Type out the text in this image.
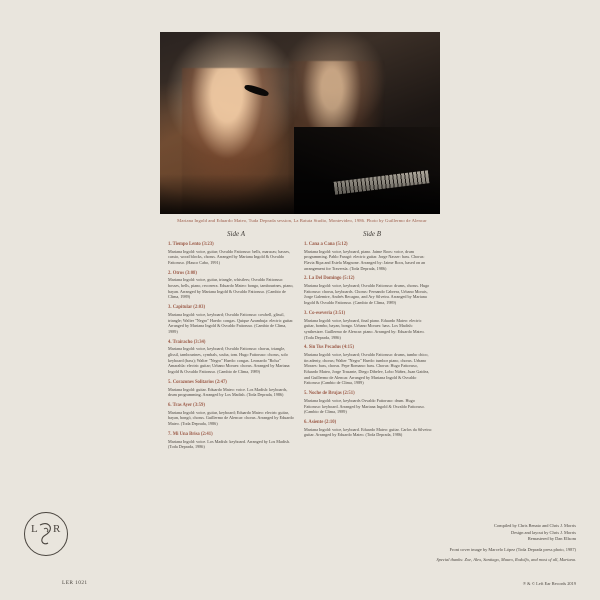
Mariana Ingold and Eduardo Mateo, Tuda Deprada session, La Batuta Studio, Montevideo, 1986. Photo by Guillermo de Alencar
Side A	Side B
1. Tiempo Lento (3:23)
Mariana Ingold: voice, guitar; Osvaldo Fattoruso: bells, maracas; basses, cassio, wood blocks, chorus. Arranged by Mariana Ingold & Osvaldo Fattoruso. (Hauco Cabo, 1991)
2. Otros (3:08)
Mariana Ingold: voice, guitar, triangle, whistlers; Osvaldo Fattoruso: bosses, bells, piano, recorrera. Eduardo Mateo: bongo, tambourines, piano, bayan. Arranged by Mariana Ingold & Osvaldo Fattoruso. (Cambio de Clima, 1989)
3. Capitular (2:03)
Mariana Ingold: voice, keyboard; Osvaldo Fattoruso: cowbell, glissil, triangle; Walter "Negro" Haedo: congas. Quique Azambuja: electric guitar. Arranged by Mariana Ingold & Osvaldo Fattoruso. (Cambio de Clima, 1989)
4. Trairacho (3:34)
Mariana Ingold: voice, keyboard; Osvaldo Fattoruso: chorus, triangle, glissil, tambourines, cymbals, scuba, tom. Hugo Fattoruso: chorus, solo keyboard (bass); Walter "Negro" Haedo: congas. Leonardo "Bolsa" Amarahla: electric guitar; Urbano Moraes: chorus. Arranged by Mariana Ingold & Osvaldo Fattoruso. (Cambio de Clima, 1989)
5. Corazones Solitarios (2:47)
Mariana Ingold: guitar. Eduardo Mateo: voice. Los Madish: keyboards, drum programming. Arranged by Los Madish. (Toda Deprada, 1986)
6. Tras Ayer (3:59)
Mariana Ingold: voice, guitar, keyboard; Eduardo Mateo: electric guitar, bayan, bongó, chorus. Guillermo de Alencar: chorus. Arranged by Eduardo Mateo. (Toda Deprada, 1986)
7. Mi Una Brisa (2:41)
Mariana Ingold: voice. Los Madish: keyboard. Arranged by Los Madish. (Toda Deprada, 1986)
1. Cana a Cana (5:12)
Mariana Ingold: voice, keyboard, piano. Jaime Roos: voice, drum programming. Pablo Faragó: electric guitar. Jorge Nasser: bass. Chorus: Flavia Ripa and Estela Magnone. Arranged by: Jaime Roos, based on an arrangement for Traversía. (Toda Deprada, 1986)
2. La Del Domingo (5:12)
Mariana Ingold: voice, keyboard; Osvaldo Fattoruso: drums, chorus. Hugo Fattoruso: chorus, keyboards. Chorus: Fernando Cabrera, Urbano Morais, Jorge Galemire, Andrés Recagno, and Ary Silveira. Arranged by Mariana Ingold & Osvaldo Fattoruso. (Cambio de Clima, 1989)
3. Co-eseveria (3:51)
Mariana Ingold: voice, keyboard, final piano. Eduardo Mateo: electric guitar, bombo, bayan, bongo. Urbano Moraes: bass. Los Madish: synthesizer. Guillermo de Alencar: piano. Arranged by: Eduardo Mateo. (Toda Deprada, 1986)
4. Sin Tus Pecadus (4:15)
Mariana Ingold: voice, keyboard; Osvaldo Fattoruso: drums, tumbo chico, tin adenty, chorus; Walter "Negro" Haedo: tumbor piano, chorus. Urbano Moraes: bass, chorus. Pepe Romano: bass. Chorus: Hugo Fattoruso, Eduardo Mateo, Jorge Trasante, Diego Dibelev, Lobo Núñez, Juan Gaidea, and Guillermo de Alencar. Arranged by Mariana Ingold & Osvaldo Fattoruso (Cambio de Clima, 1989)
5. Noche de Brujas (2:51)
Mariana Ingold: voice, keyboards Osvaldo Fattoruso: drum. Hugo Fattoruso: keyboard. Arranged by Mariana Ingold & Osvaldo Fattoruso. (Cambio de Clima, 1989)
6. Asiente (2:10)
Mariana Ingold: voice, keyboard. Eduardo Mateo: guitar. Carlos da Silveira: guitar. Arranged by Eduardo Mateo. (Toda Deprada, 1986)
L R
LER 1021
Compiled by Chris Benato and Chris J. Morris
Design and layout by Chris J. Morris
Remastered by Dan Ellsom
Front cover image by Marcelo López (Toda Deprada press photo, 1987)
Special thanks: Zoe, Alex, Santiago, Mauro, Rodolfo, and most of all, Mariana.
℗ & © Left Ear Records 2019
